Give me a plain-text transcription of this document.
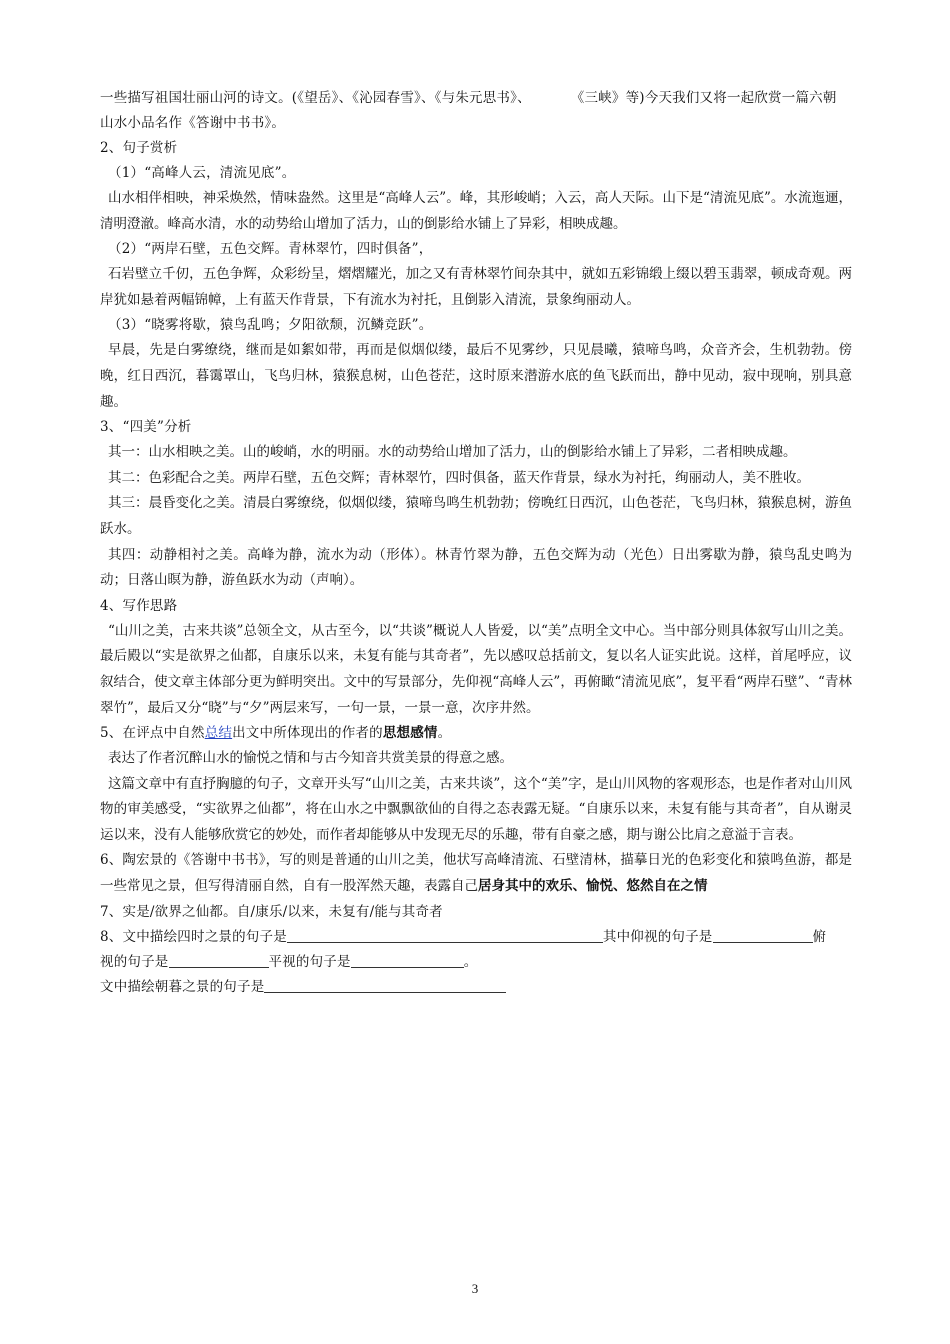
一些描写祖国壮丽山河的诗文。(《望岳》、《沁园春雪》、《与朱元思书》、	《三峡》等)今天我们又将一起欣赏一篇六朝
山水小品名作《答谢中书书》。
2、句子赏析
（1）“高峰人云，清流见底”。
山水相伴相映，神采焕然，情味盎然。这里是“高峰人云”。峰，其形峻峭；入云，高人天际。山下是“清流见底”。水流迤逦，清明澄澈。峰高水清，水的动势给山增加了活力，山的倒影给水铺上了异彩，相映成趣。
（2）“两岸石壁，五色交辉。青林翠竹，四时俱备”，
石岩壁立千仞，五色争辉，众彩纷呈，熠熠耀光，加之又有青林翠竹间杂其中，就如五彩锦缎上缀以碧玉翡翠，顿成奇观。两岸犹如悬着两幅锦幛，上有蓝天作背景，下有流水为衬托，且倒影入清流，景象绚丽动人。
（3）“晓雾将歇，猿鸟乱鸣；夕阳欲颓，沉鳞竞跃”。
早晨，先是白雾缭绕，继而是如絮如带，再而是似烟似缕，最后不见雾纱，只见晨曦，猿啼鸟鸣，众音齐会，生机勃勃。傍晚，红日西沉，暮霭罩山，飞鸟归林，猿猴息树，山色苍茫，这时原来潜游水底的鱼飞跃而出，静中见动，寂中现响，别具意趣。
3、“四美”分析
其一：山水相映之美。山的峻峭，水的明丽。水的动势给山增加了活力，山的倒影给水铺上了异彩，二者相映成趣。
其二：色彩配合之美。两岸石壁，五色交辉；青林翠竹，四时俱备，蓝天作背景，绿水为衬托，绚丽动人，美不胜收。
其三：晨昏变化之美。清晨白雾缭绕，似烟似缕，猿啼鸟鸣生机勃勃；傍晚红日西沉，山色苍茫，飞鸟归林，猿猴息树，游鱼跃水。
其四：动静相衬之美。高峰为静，流水为动（形体）。林青竹翠为静，五色交辉为动（光色）日出雾歇为静，猿鸟乱史鸣为动；日落山暝为静，游鱼跃水为动（声响）。
4、写作思路
“山川之美，古来共谈”总领全文，从古至今，以“共谈”概说人人皆爱，以“美”点明全文中心。当中部分则具体叙写山川之美。最后殿以“实是欲界之仙都，自康乐以来，未复有能与其奇者”，先以感叹总括前文，复以名人证实此说。这样，首尾呼应，议叙结合，使文章主体部分更为鲜明突出。文中的写景部分，先仰视“高峰人云”，再俯瞰“清流见底”，复平看“两岸石壁”、“青林翠竹”，最后又分“晓”与“夕”两层来写，一句一景，一景一意，次序井然。
5、在评点中自然总结出文中所体现出的作者的思想感情。
表达了作者沉醉山水的愉悦之情和与古今知音共赏美景的得意之感。
这篇文章中有直抒胸臆的句子，文章开头写“山川之美，古来共谈”，这个“美”字，是山川风物的客观形态，也是作者对山川风物的审美感受，“实欲界之仙都”，将在山水之中飘飘欲仙的自得之态表露无疑。“自康乐以来，未复有能与其奇者”，自从谢灵运以来，没有人能够欣赏它的妙处，而作者却能够从中发现无尽的乐趣，带有自豪之感，期与谢公比肩之意溢于言表。
6、陶宏景的《答谢中书书》，写的则是普通的山川之美，他状写高峰清流、石壁清林，描摹日光的色彩变化和猿鸣鱼游，都是一些常见之景，但写得清丽自然，自有一股浑然天趣，表露自己居身其中的欢乐、愉悦、悠然自在之情
7、实是/欲界之仙都。自/康乐/以来，未复有/能与其奇者
8、文中描绘四时之景的句子是	其中仰视的句子是	俯
视的句子是	平视的句子是	。
文中描绘朝暮之景的句子是
3
